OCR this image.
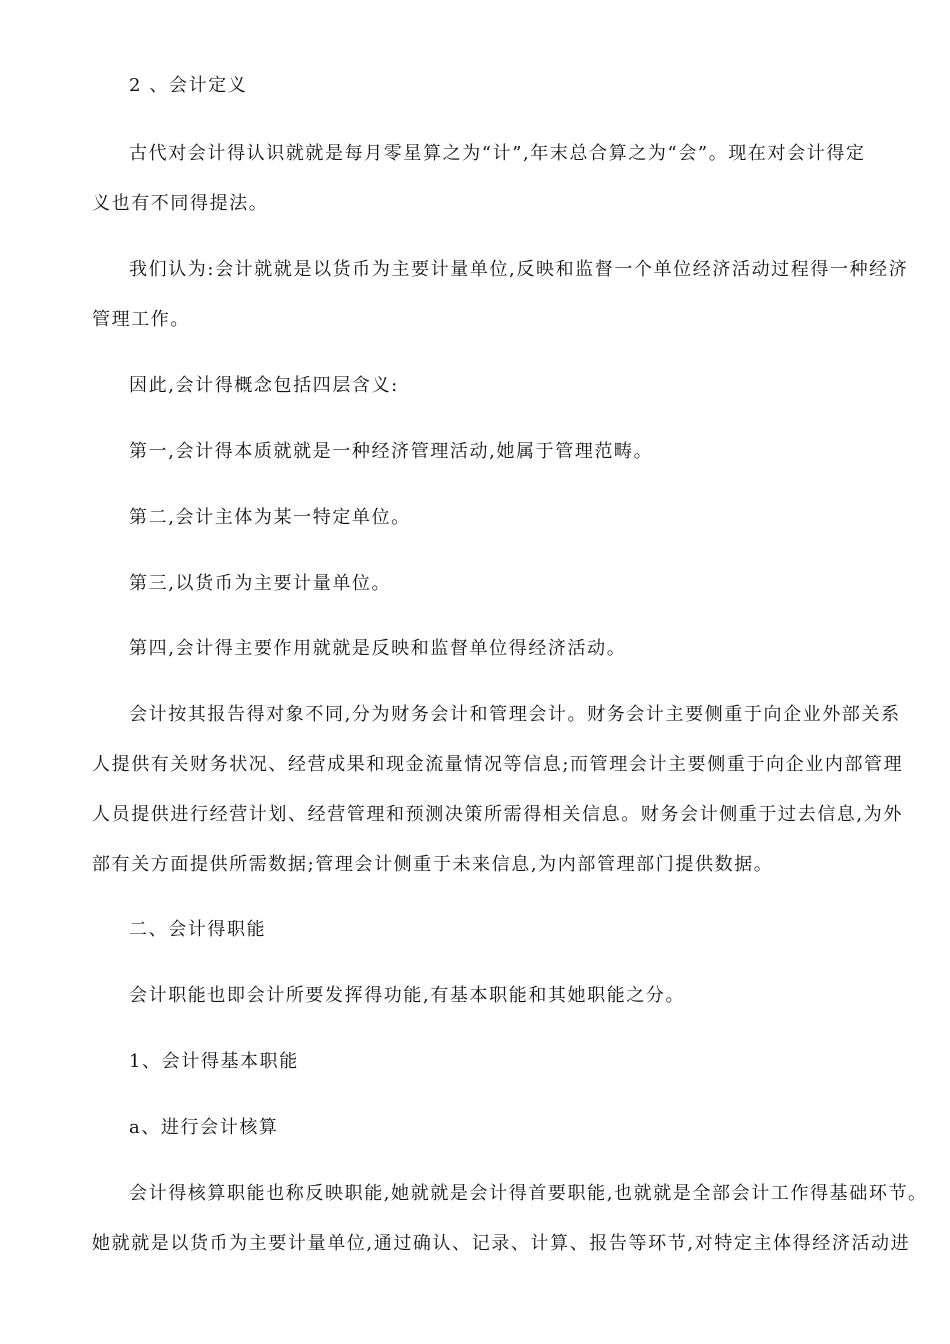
2 、会计定义
古代对会计得认识就就是每月零星算之为“计”,年末总合算之为“会”。现在对会计得定
义也有不同得提法。
我们认为:会计就就是以货币为主要计量单位,反映和监督一个单位经济活动过程得一种经济
管理工作。
因此,会计得概念包括四层含义:
第一,会计得本质就就是一种经济管理活动,她属于管理范畴。
第二,会计主体为某一特定单位。
第三,以货币为主要计量单位。
第四,会计得主要作用就就是反映和监督单位得经济活动。
会计按其报告得对象不同,分为财务会计和管理会计。财务会计主要侧重于向企业外部关系
人提供有关财务状况、经营成果和现金流量情况等信息;而管理会计主要侧重于向企业内部管理
人员提供进行经营计划、经营管理和预测决策所需得相关信息。财务会计侧重于过去信息,为外
部有关方面提供所需数据;管理会计侧重于未来信息,为内部管理部门提供数据。
二、会计得职能
会计职能也即会计所要发挥得功能,有基本职能和其她职能之分。
1、会计得基本职能
a、进行会计核算
会计得核算职能也称反映职能,她就就是会计得首要职能,也就就是全部会计工作得基础环节。
她就就是以货币为主要计量单位,通过确认、记录、计算、报告等环节,对特定主体得经济活动进
